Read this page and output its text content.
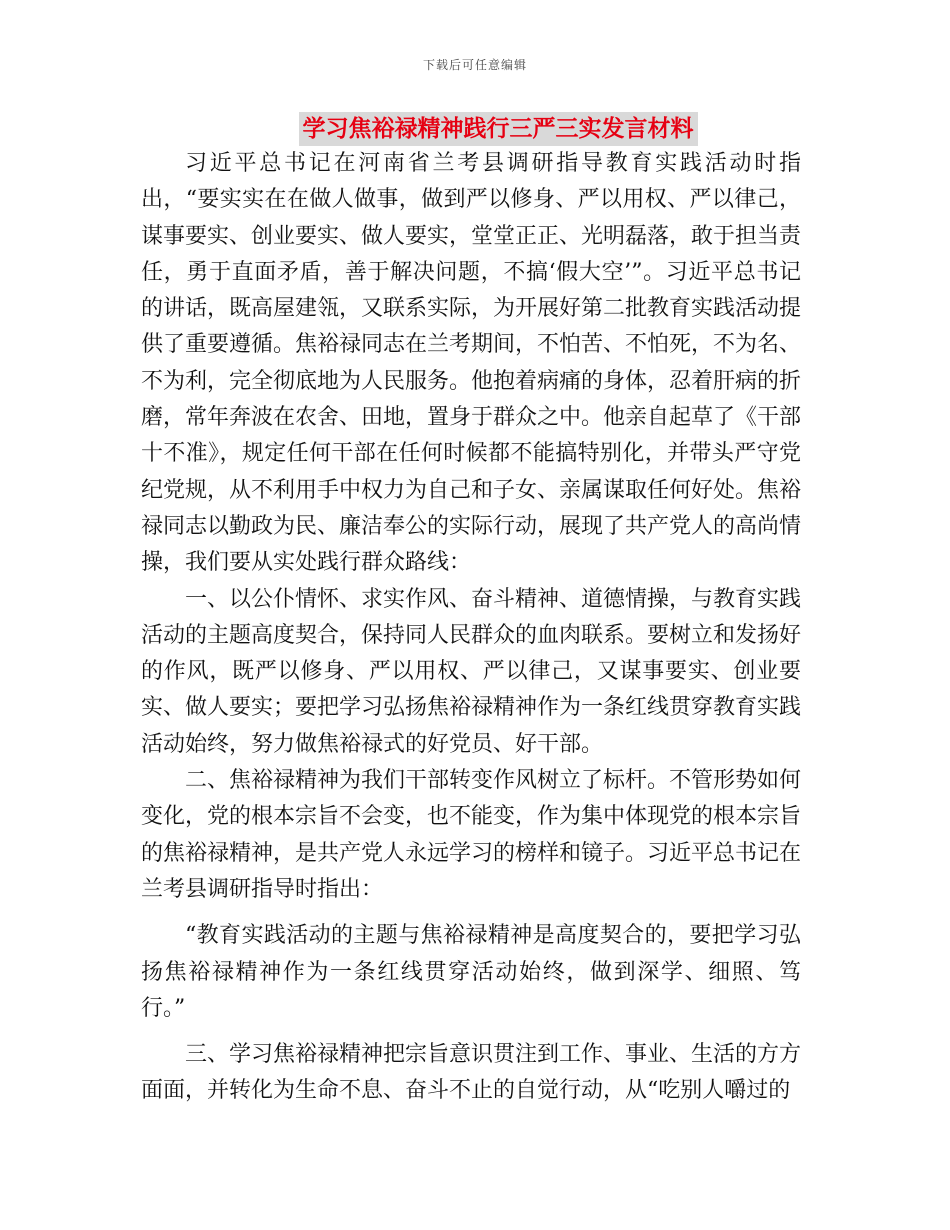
下载后可任意编辑
学习焦裕禄精神践行三严三实发言材料

习近平总书记在河南省兰考县调研指导教育实践活动时指出，“要实实在在做人做事，做到严以修身、严以用权、严以律己，谋事要实、创业要实、做人要实，堂堂正正、光明磊落，敢于担当责任，勇于直面矛盾，善于解决问题，不搞‘假大空’”。习近平总书记的讲话，既高屋建瓴，又联系实际，为开展好第二批教育实践活动提供了重要遵循。焦裕禄同志在兰考期间，不怕苦、不怕死，不为名、不为利，完全彻底地为人民服务。他抱着病痛的身体，忍着肝病的折磨，常年奔波在农舍、田地，置身于群众之中。他亲自起草了《干部十不准》，规定任何干部在任何时候都不能搞特别化，并带头严守党纪党规，从不利用手中权力为自己和子女、亲属谋取任何好处。焦裕禄同志以勤政为民、廉洁奉公的实际行动，展现了共产党人的高尚情操，我们要从实处践行群众路线：

一、以公仆情怀、求实作风、奋斗精神、道德情操，与教育实践活动的主题高度契合，保持同人民群众的血肉联系。要树立和发扬好的作风，既严以修身、严以用权、严以律己，又谋事要实、创业要实、做人要实；要把学习弘扬焦裕禄精神作为一条红线贯穿教育实践活动始终，努力做焦裕禄式的好党员、好干部。

二、焦裕禄精神为我们干部转变作风树立了标杆。不管形势如何变化，党的根本宗旨不会变，也不能变，作为集中体现党的根本宗旨的焦裕禄精神，是共产党人永远学习的榜样和镜子。习近平总书记在兰考县调研指导时指出：

“教育实践活动的主题与焦裕禄精神是高度契合的，要把学习弘扬焦裕禄精神作为一条红线贯穿活动始终，做到深学、细照、笃行。”

三、学习焦裕禄精神把宗旨意识贯注到工作、事业、生活的方方面面，并转化为生命不息、奋斗不止的自觉行动，从“吃别人嚼过的
